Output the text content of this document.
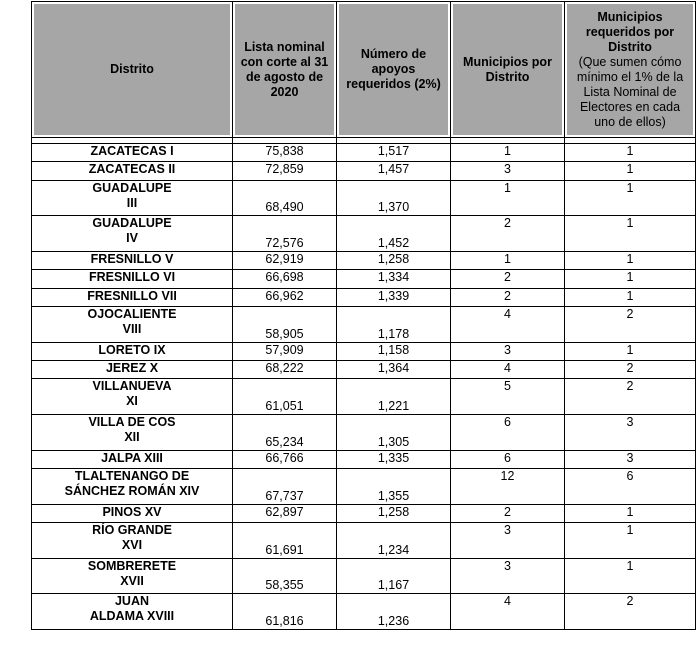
Distrito	Lista nominal con corte al 31 de agosto de 2020	Número de apoyos requeridos (2%)	Municipios por Distrito	Municipios requeridos por Distrito
(Que sumen cómo mínimo el 1% de la Lista Nominal de Electores en cada uno de ellos)

ZACATECAS I	75,838	1,517	1	1

ZACATECAS II	72,859	1,457	3	1

GUADALUPE
III	68,490	1,370	1	1

GUADALUPE
IV	72,576	1,452	2	1

FRESNILLO V	62,919	1,258	1	1

FRESNILLO VI	66,698	1,334	2	1

FRESNILLO VII	66,962	1,339	2	1

OJOCALIENTE
VIII	58,905	1,178	4	2

LORETO IX	57,909	1,158	3	1

JEREZ X	68,222	1,364	4	2

VILLANUEVA
XI	61,051	1,221	5	2

VILLA DE COS
XII	65,234	1,305	6	3

JALPA XIII	66,766	1,335	6	3

TLALTENANGO DE
SÁNCHEZ ROMÁN XIV	67,737	1,355	12	6

PINOS XV	62,897	1,258	2	1

RÍO GRANDE
XVI	61,691	1,234	3	1

SOMBRERETE
XVII	58,355	1,167	3	1

JUAN
ALDAMA XVIII	61,816	1,236	4	2
